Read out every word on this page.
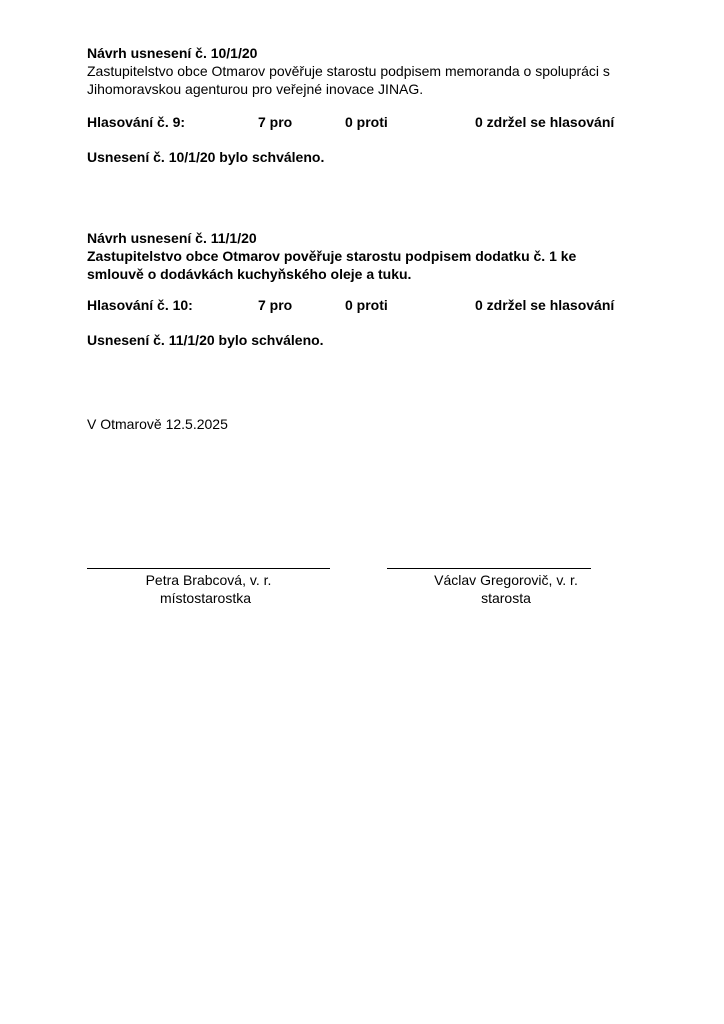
Návrh usnesení č. 10/1/20

Zastupitelstvo obce Otmarov pověřuje starostu podpisem memoranda o spolupráci s
Jihomoravskou agenturou pro veřejné inovace JINAG.

Hlasování č. 9:	7 pro	0 proti	0 zdržel se hlasování

Usnesení č. 10/1/20 bylo schváleno.

Návrh usnesení č. 11/1/20

Zastupitelstvo obce Otmarov pověřuje starostu podpisem dodatku č. 1 ke
smlouvě o dodávkách kuchyňského oleje a tuku.

Hlasování č. 10:	7 pro	0 proti	0 zdržel se hlasování

Usnesení č. 11/1/20 bylo schváleno.

V Otmarově 12.5.2025

Petra Brabcová, v. r.
místostarostka
Václav Gregorovič, v. r.
starosta
